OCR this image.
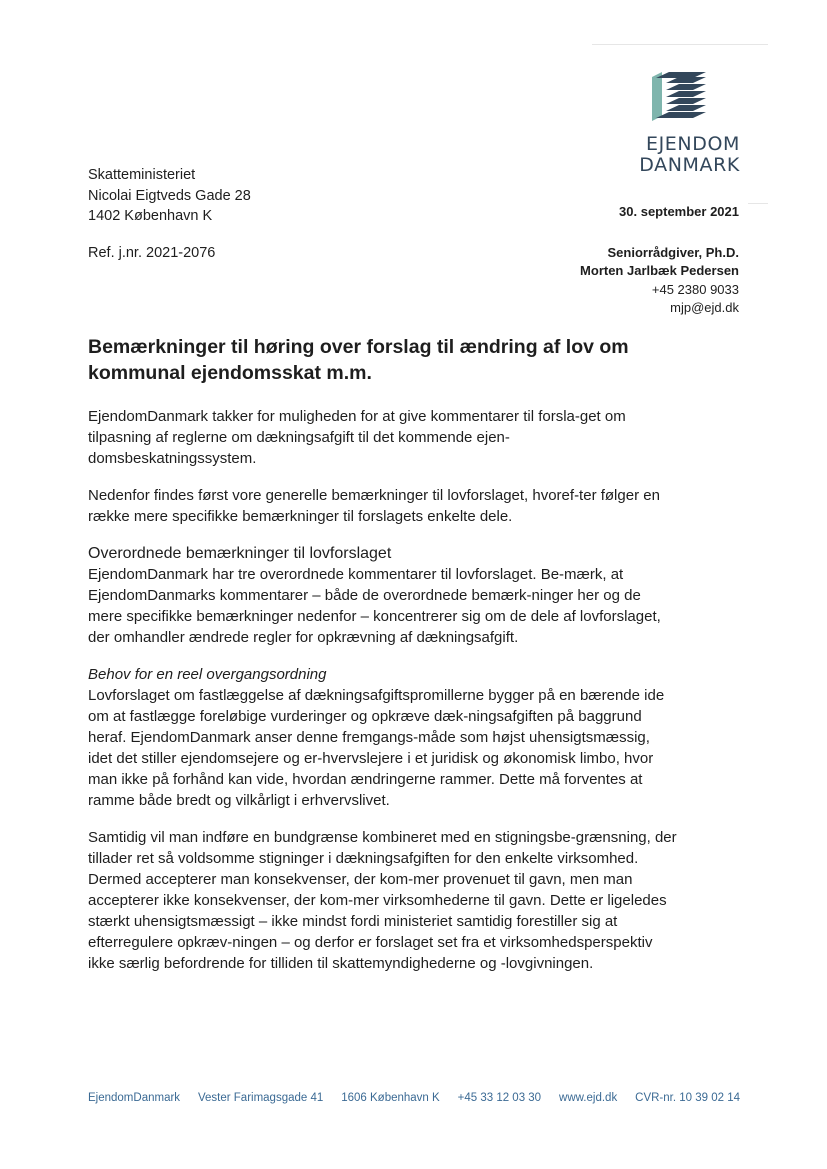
EJENDOM
DANMARK
Skatteministeriet
Nicolai Eigtveds Gade 28
1402 København K
Ref. j.nr. 2021-2076
30. september 2021
Seniorrådgiver, Ph.D.
Morten Jarlbæk Pedersen
+45 2380 9033
mjp@ejd.dk
Bemærkninger til høring over forslag til ændring af lov om kommunal ejendomsskat m.m.

EjendomDanmark takker for muligheden for at give kommentarer til forsla-get om tilpasning af reglerne om dækningsafgift til det kommende ejen-domsbeskatningssystem.

Nedenfor findes først vore generelle bemærkninger til lovforslaget, hvoref-ter følger en række mere specifikke bemærkninger til forslagets enkelte dele.

Overordnede bemærkninger til lovforslaget

EjendomDanmark har tre overordnede kommentarer til lovforslaget. Be-mærk, at EjendomDanmarks kommentarer – både de overordnede bemærk-ninger her og de mere specifikke bemærkninger nedenfor – koncentrerer sig om de dele af lovforslaget, der omhandler ændrede regler for opkrævning af dækningsafgift.

Behov for en reel overgangsordning

Lovforslaget om fastlæggelse af dækningsafgiftspromillerne bygger på en bærende ide om at fastlægge foreløbige vurderinger og opkræve dæk-ningsafgiften på baggrund heraf. EjendomDanmark anser denne fremgangs-måde som højst uhensigtsmæssig, idet det stiller ejendomsejere og er-hvervslejere i et juridisk og økonomisk limbo, hvor man ikke på forhånd kan vide, hvordan ændringerne rammer. Dette må forventes at ramme både bredt og vilkårligt i erhvervslivet.

Samtidig vil man indføre en bundgrænse kombineret med en stigningsbe-grænsning, der tillader ret så voldsomme stigninger i dækningsafgiften for den enkelte virksomhed. Dermed accepterer man konsekvenser, der kom-mer provenuet til gavn, men man accepterer ikke konsekvenser, der kom-mer virksomhederne til gavn. Dette er ligeledes stærkt uhensigtsmæssigt – ikke mindst fordi ministeriet samtidig forestiller sig at efterregulere opkræv-ningen – og derfor er forslaget set fra et virksomhedsperspektiv ikke særlig befordrende for tilliden til skattemyndighederne og -lovgivningen.

EjendomDanmark Vester Farimagsgade 41 1606 København K +45 33 12 03 30 www.ejd.dk CVR-nr. 10 39 02 14
